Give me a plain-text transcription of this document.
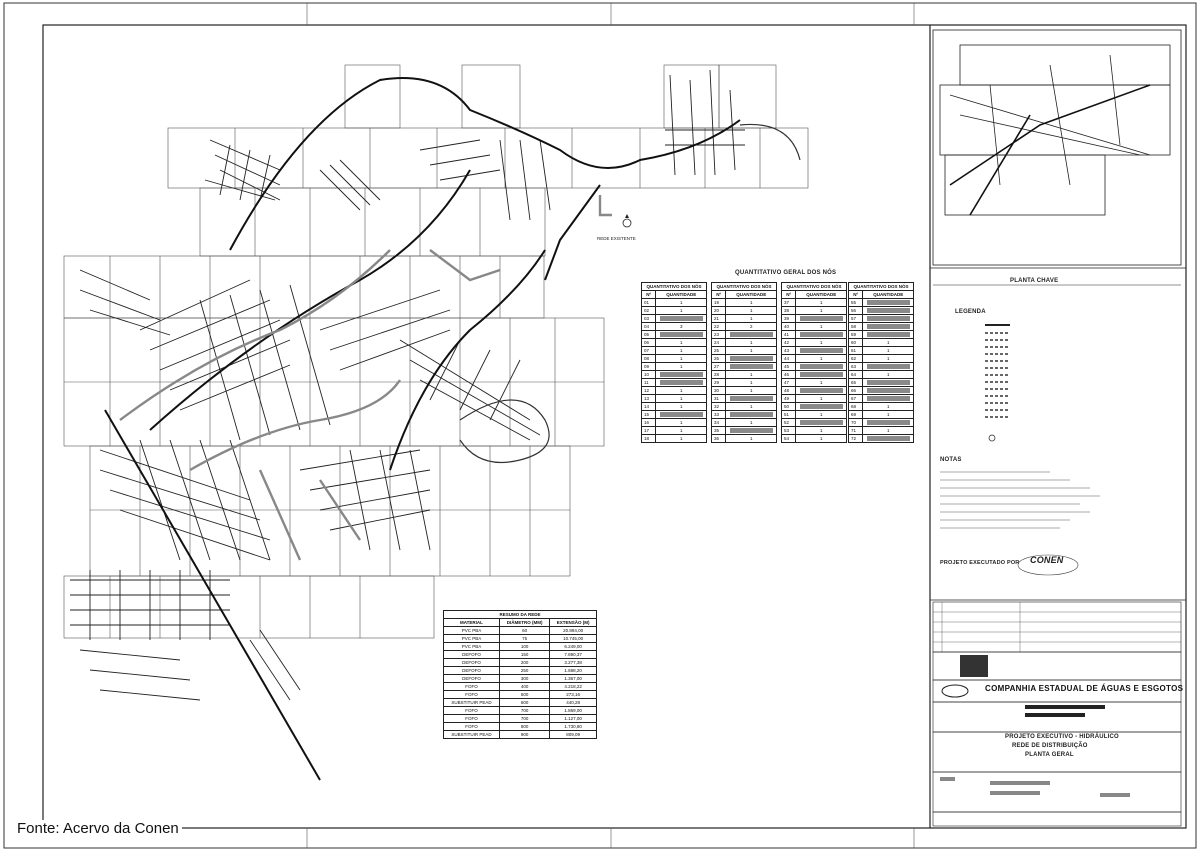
REDE EXISTENTE
QUANTITATIVO GERAL DOS NÓS
PLANTA CHAVE
LEGENDA
NOTAS
PROJETO EXECUTADO POR CONEN
COMPANHIA ESTADUAL DE ÁGUAS E ESGOTOS
PROJETO EXECUTIVO - HIDRÁULICO
REDE DE DISTRIBUIÇÃO
PLANTA GERAL
RESUMO DA REDE		
MATERIAL	DIÂMETRO (MM)	EXTENSÃO (M)
PVC PBA	60	20.894,00
PVC PBA	75	10.745,00
PVC PBA	100	6.249,00
DEFOFO	150	7.890,37
DEFOFO	200	3.277,38
DEFOFO	250	1.688,20
DEFOFO	300	1.367,00
FOFO	400	4.218,22
FOFO	500	273,16
SUBSTITUIR PEAD	600	440,28
FOFO	700	1.869,00
FOFO	700	1.127,00
FOFO	800	1.730,80
SUBSTITUIR PEAD	900	809,09
QUANTITATIVO DOS NÓS	
Nº	QUANTIDADE
01	1
02	1
03	
04	3
05	
06	1
07	1
08	1
09	1
10	
11	
12	1
13	1
14	1
15	
16	1
17	1
18	1
QUANTITATIVO DOS NÓS	
Nº	QUANTIDADE
19	1
20	1
21	1
22	2
23	
24	1
25	1
26	
27	
28	1
29	1
30	1
31	
32	1
33	
34	1
35	
36	1
QUANTITATIVO DOS NÓS	
Nº	QUANTIDADE
37	1
38	1
39	
40	1
41	
42	1
43	
44	1
45	
46	
47	1
48	
49	1
50	
51	1
52	
53	1
54	1
QUANTITATIVO DOS NÓS	
Nº	QUANTIDADE
55	
56	
57	
58	
59	
60	1
61	1
62	1
63	
64	1
65	
66	
67	
68	1
69	1
70	
71	1
72	
Fonte: Acervo da Conen
